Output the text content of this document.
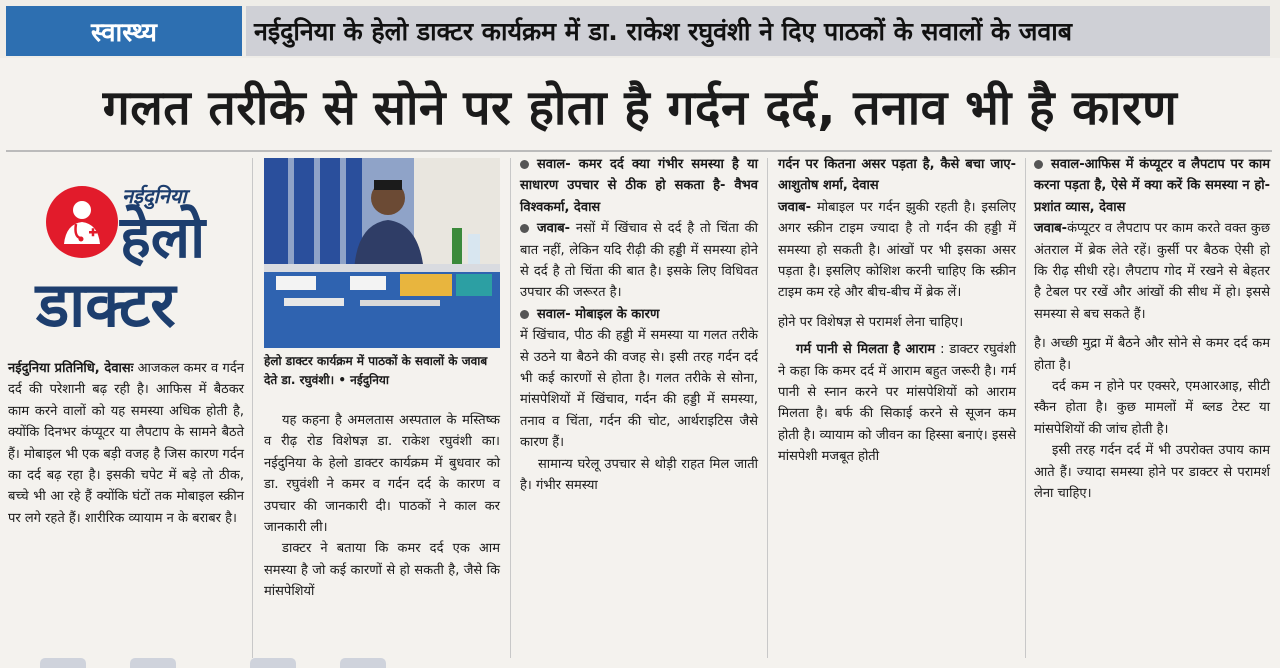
स्वास्थ्य	नईदुनिया के हेलो डाक्टर कार्यक्रम में डा. राकेश रघुवंशी ने दिए पाठकों के सवालों के जवाब
गलत तरीके से सोने पर होता है गर्दन दर्द, तनाव भी है कारण
नईदुनिया
हेलो
डाक्टर
हेलो डाक्टर कार्यक्रम में पाठकों के सवालों के जवाब देते डा. रघुवंशी। • नईदुनिया

नईदुनिया प्रतिनिधि, देवासः आजकल कमर व गर्दन दर्द की परेशानी बढ़ रही है। आफिस में बैठकर काम करने वालों को यह समस्या अधिक होती है, क्योंकि दिनभर कंप्यूटर या लैपटाप के सामने बैठते हैं। मोबाइल भी एक बड़ी वजह है जिस कारण गर्दन का दर्द बढ़ रहा है। इसकी चपेट में बड़े तो ठीक, बच्चे भी आ रहे हैं क्योंकि घंटों तक मोबाइल स्क्रीन पर लगे रहते हैं। शारीरिक व्यायाम न के बराबर है।

यह कहना है अमलतास अस्पताल के मस्तिष्क व रीढ़ रोड विशेषज्ञ डा. राकेश रघुवंशी का। नईदुनिया के हेलो डाक्टर कार्यक्रम में बुधवार को डा. रघुवंशी ने कमर व गर्दन दर्द के कारण व उपचार की जानकारी दी। पाठकों ने काल कर जानकारी ली।

डाक्टर ने बताया कि कमर दर्द एक आम समस्या है जो कई कारणों से हो सकती है, जैसे कि मांसपेशियों

सवाल- कमर दर्द क्या गंभीर समस्या है या साधारण उपचार से ठीक हो सकता है- वैभव विश्वकर्मा, देवास

जवाब- नसों में खिंचाव से दर्द है तो चिंता की बात नहीं, लेकिन यदि रीढ़ी की हड्डी में समस्या होने से दर्द है तो चिंता की बात है। इसके लिए विधिवत उपचार की जरूरत है।

सवाल- मोबाइल के कारण

में खिंचाव, पीठ की हड्डी में समस्या या गलत तरीके से उठने या बैठने की वजह से। इसी तरह गर्दन दर्द भी कई कारणों से होता है। गलत तरीके से सोना, मांसपेशियों में खिंचाव, गर्दन की हड्डी में समस्या, तनाव व चिंता, गर्दन की चोट, आर्थराइटिस जैसे कारण हैं।

सामान्य घरेलू उपचार से थोड़ी राहत मिल जाती है। गंभीर समस्या

गर्दन पर कितना असर पड़ता है, कैसे बचा जाए- आशुतोष शर्मा, देवास

जवाब- मोबाइल पर गर्दन झुकी रहती है। इसलिए अगर स्क्रीन टाइम ज्यादा है तो गर्दन की हड्डी में समस्या हो सकती है। आंखों पर भी इसका असर पड़ता है। इसलिए कोशिश करनी चाहिए कि स्क्रीन टाइम कम रहे और बीच-बीच में ब्रेक लें।

होने पर विशेषज्ञ से परामर्श लेना चाहिए।

गर्म पानी से मिलता है आराम : डाक्टर रघुवंशी ने कहा कि कमर दर्द में आराम बहुत जरूरी है। गर्म पानी से स्नान करने पर मांसपेशियों को आराम मिलता है। बर्फ की सिकाई करने से सूजन कम होती है। व्यायाम को जीवन का हिस्सा बनाएं। इससे मांसपेशी मजबूत होती

सवाल-आफिस में कंप्यूटर व लैपटाप पर काम करना पड़ता है, ऐसे में क्या करें कि समस्या न हो- प्रशांत व्यास, देवास

जवाब-कंप्यूटर व लैपटाप पर काम करते वक्त कुछ अंतराल में ब्रेक लेते रहें। कुर्सी पर बैठक ऐसी हो कि रीढ़ सीधी रहे। लैपटाप गोद में रखने से बेहतर है टेबल पर रखें और आंखों की सीध में हो। इससे समस्या से बच सकते हैं।

है। अच्छी मुद्रा में बैठने और सोने से कमर दर्द कम होता है।

दर्द कम न होने पर एक्सरे, एमआरआइ, सीटी स्कैन होता है। कुछ मामलों में ब्लड टेस्ट या मांसपेशियों की जांच होती है।

इसी तरह गर्दन दर्द में भी उपरोक्त उपाय काम आते हैं। ज्यादा समस्या होने पर डाक्टर से परामर्श लेना चाहिए।
